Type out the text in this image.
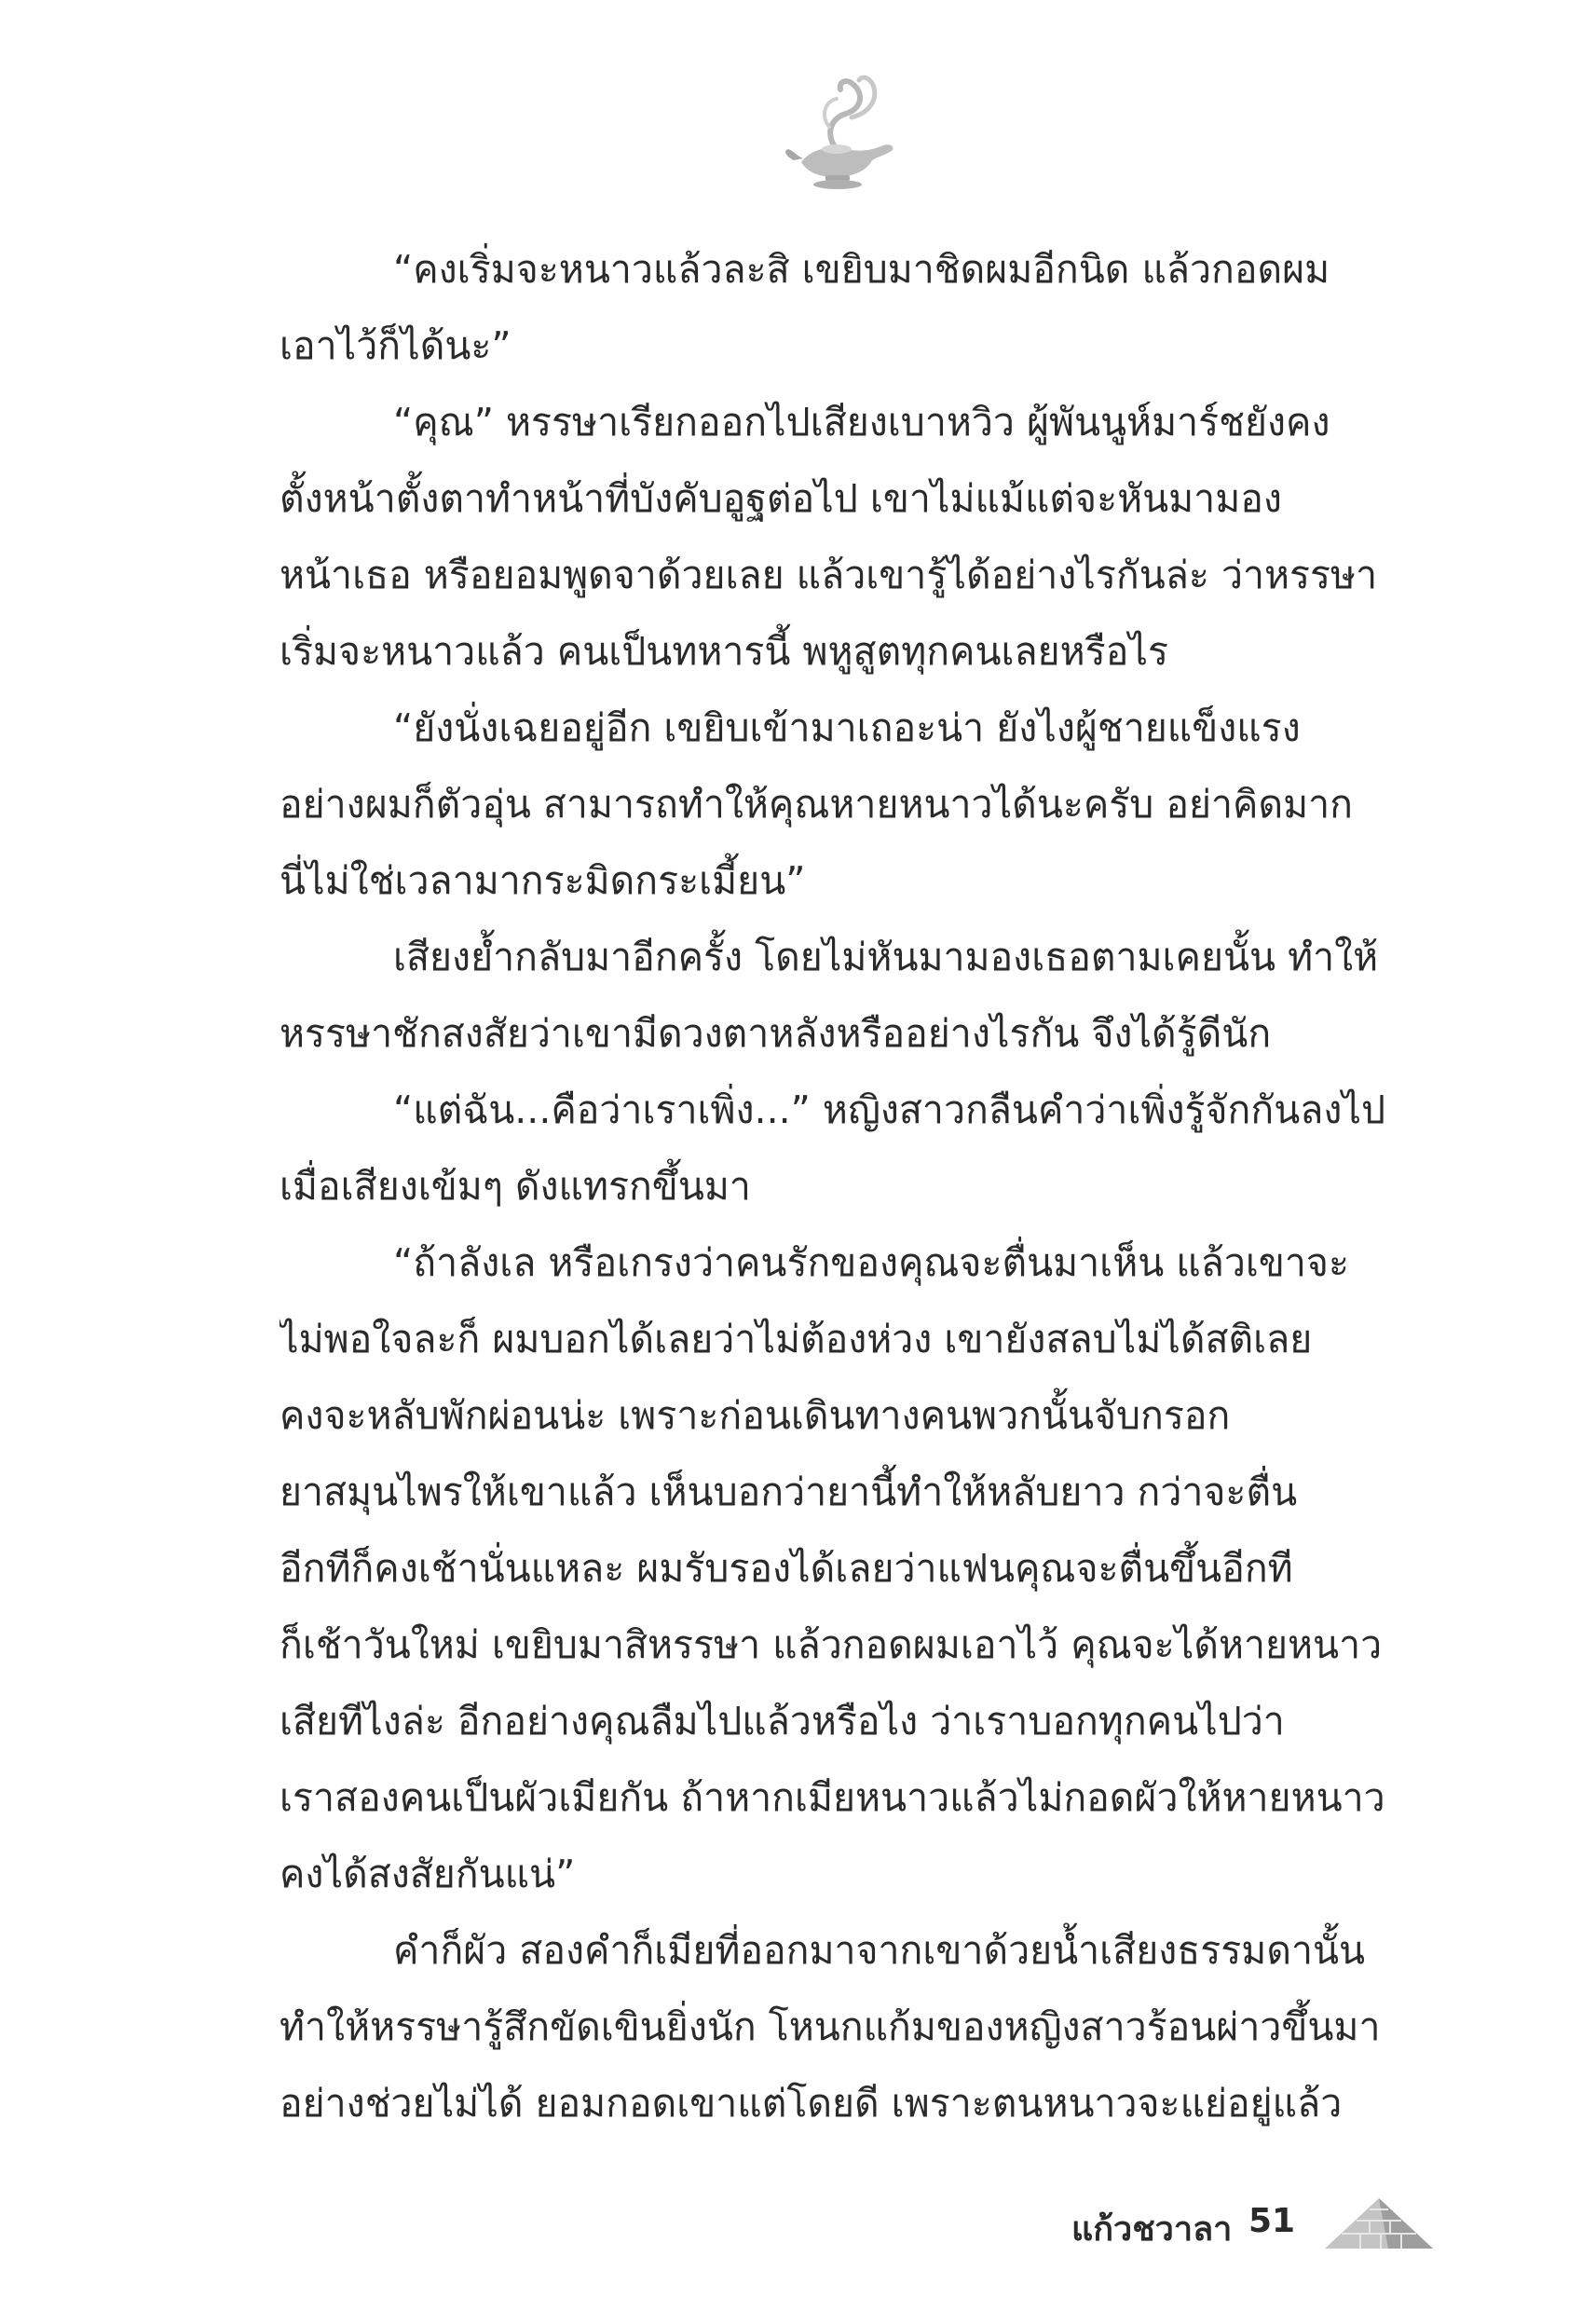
“คงเริ่มจะหนาวแล้วละสิ เขยิบมาชิดผมอีกนิด แล้วกอดผม
เอาไว้ก็ได้นะ”
“คุณ” หรรษาเรียกออกไปเสียงเบาหวิว ผู้พันนูห์มาร์ชยังคง
ตั้งหน้าตั้งตาทำหน้าที่บังคับอูฐต่อไป เขาไม่แม้แต่จะหันมามอง
หน้าเธอ หรือยอมพูดจาด้วยเลย แล้วเขารู้ได้อย่างไรกันล่ะ ว่าหรรษา
เริ่มจะหนาวแล้ว คนเป็นทหารนี้ พหูสูตทุกคนเลยหรือไร
“ยังนั่งเฉยอยู่อีก เขยิบเข้ามาเถอะน่า ยังไงผู้ชายแข็งแรง
อย่างผมก็ตัวอุ่น สามารถทำให้คุณหายหนาวได้นะครับ อย่าคิดมาก
นี่ไม่ใช่เวลามากระมิดกระเมี้ยน”
เสียงย้ำกลับมาอีกครั้ง โดยไม่หันมามองเธอตามเคยนั้น ทำให้
หรรษาชักสงสัยว่าเขามีดวงตาหลังหรืออย่างไรกัน จึงได้รู้ดีนัก
“แต่ฉัน...คือว่าเราเพิ่ง...” หญิงสาวกลืนคำว่าเพิ่งรู้จักกันลงไป
เมื่อเสียงเข้มๆ ดังแทรกขึ้นมา
“ถ้าลังเล หรือเกรงว่าคนรักของคุณจะตื่นมาเห็น แล้วเขาจะ
ไม่พอใจละก็ ผมบอกได้เลยว่าไม่ต้องห่วง เขายังสลบไม่ได้สติเลย
คงจะหลับพักผ่อนน่ะ เพราะก่อนเดินทางคนพวกนั้นจับกรอก
ยาสมุนไพรให้เขาแล้ว เห็นบอกว่ายานี้ทำให้หลับยาว กว่าจะตื่น
อีกทีก็คงเช้านั่นแหละ ผมรับรองได้เลยว่าแฟนคุณจะตื่นขึ้นอีกที
ก็เช้าวันใหม่ เขยิบมาสิหรรษา แล้วกอดผมเอาไว้ คุณจะได้หายหนาว
เสียทีไงล่ะ อีกอย่างคุณลืมไปแล้วหรือไง ว่าเราบอกทุกคนไปว่า
เราสองคนเป็นผัวเมียกัน ถ้าหากเมียหนาวแล้วไม่กอดผัวให้หายหนาว
คงได้สงสัยกันแน่”
คำก็ผัว สองคำก็เมียที่ออกมาจากเขาด้วยน้ำเสียงธรรมดานั้น
ทำให้หรรษารู้สึกขัดเขินยิ่งนัก โหนกแก้มของหญิงสาวร้อนผ่าวขึ้นมา
อย่างช่วยไม่ได้ ยอมกอดเขาแต่โดยดี เพราะตนหนาวจะแย่อยู่แล้ว
แก้วชวาลา 51
